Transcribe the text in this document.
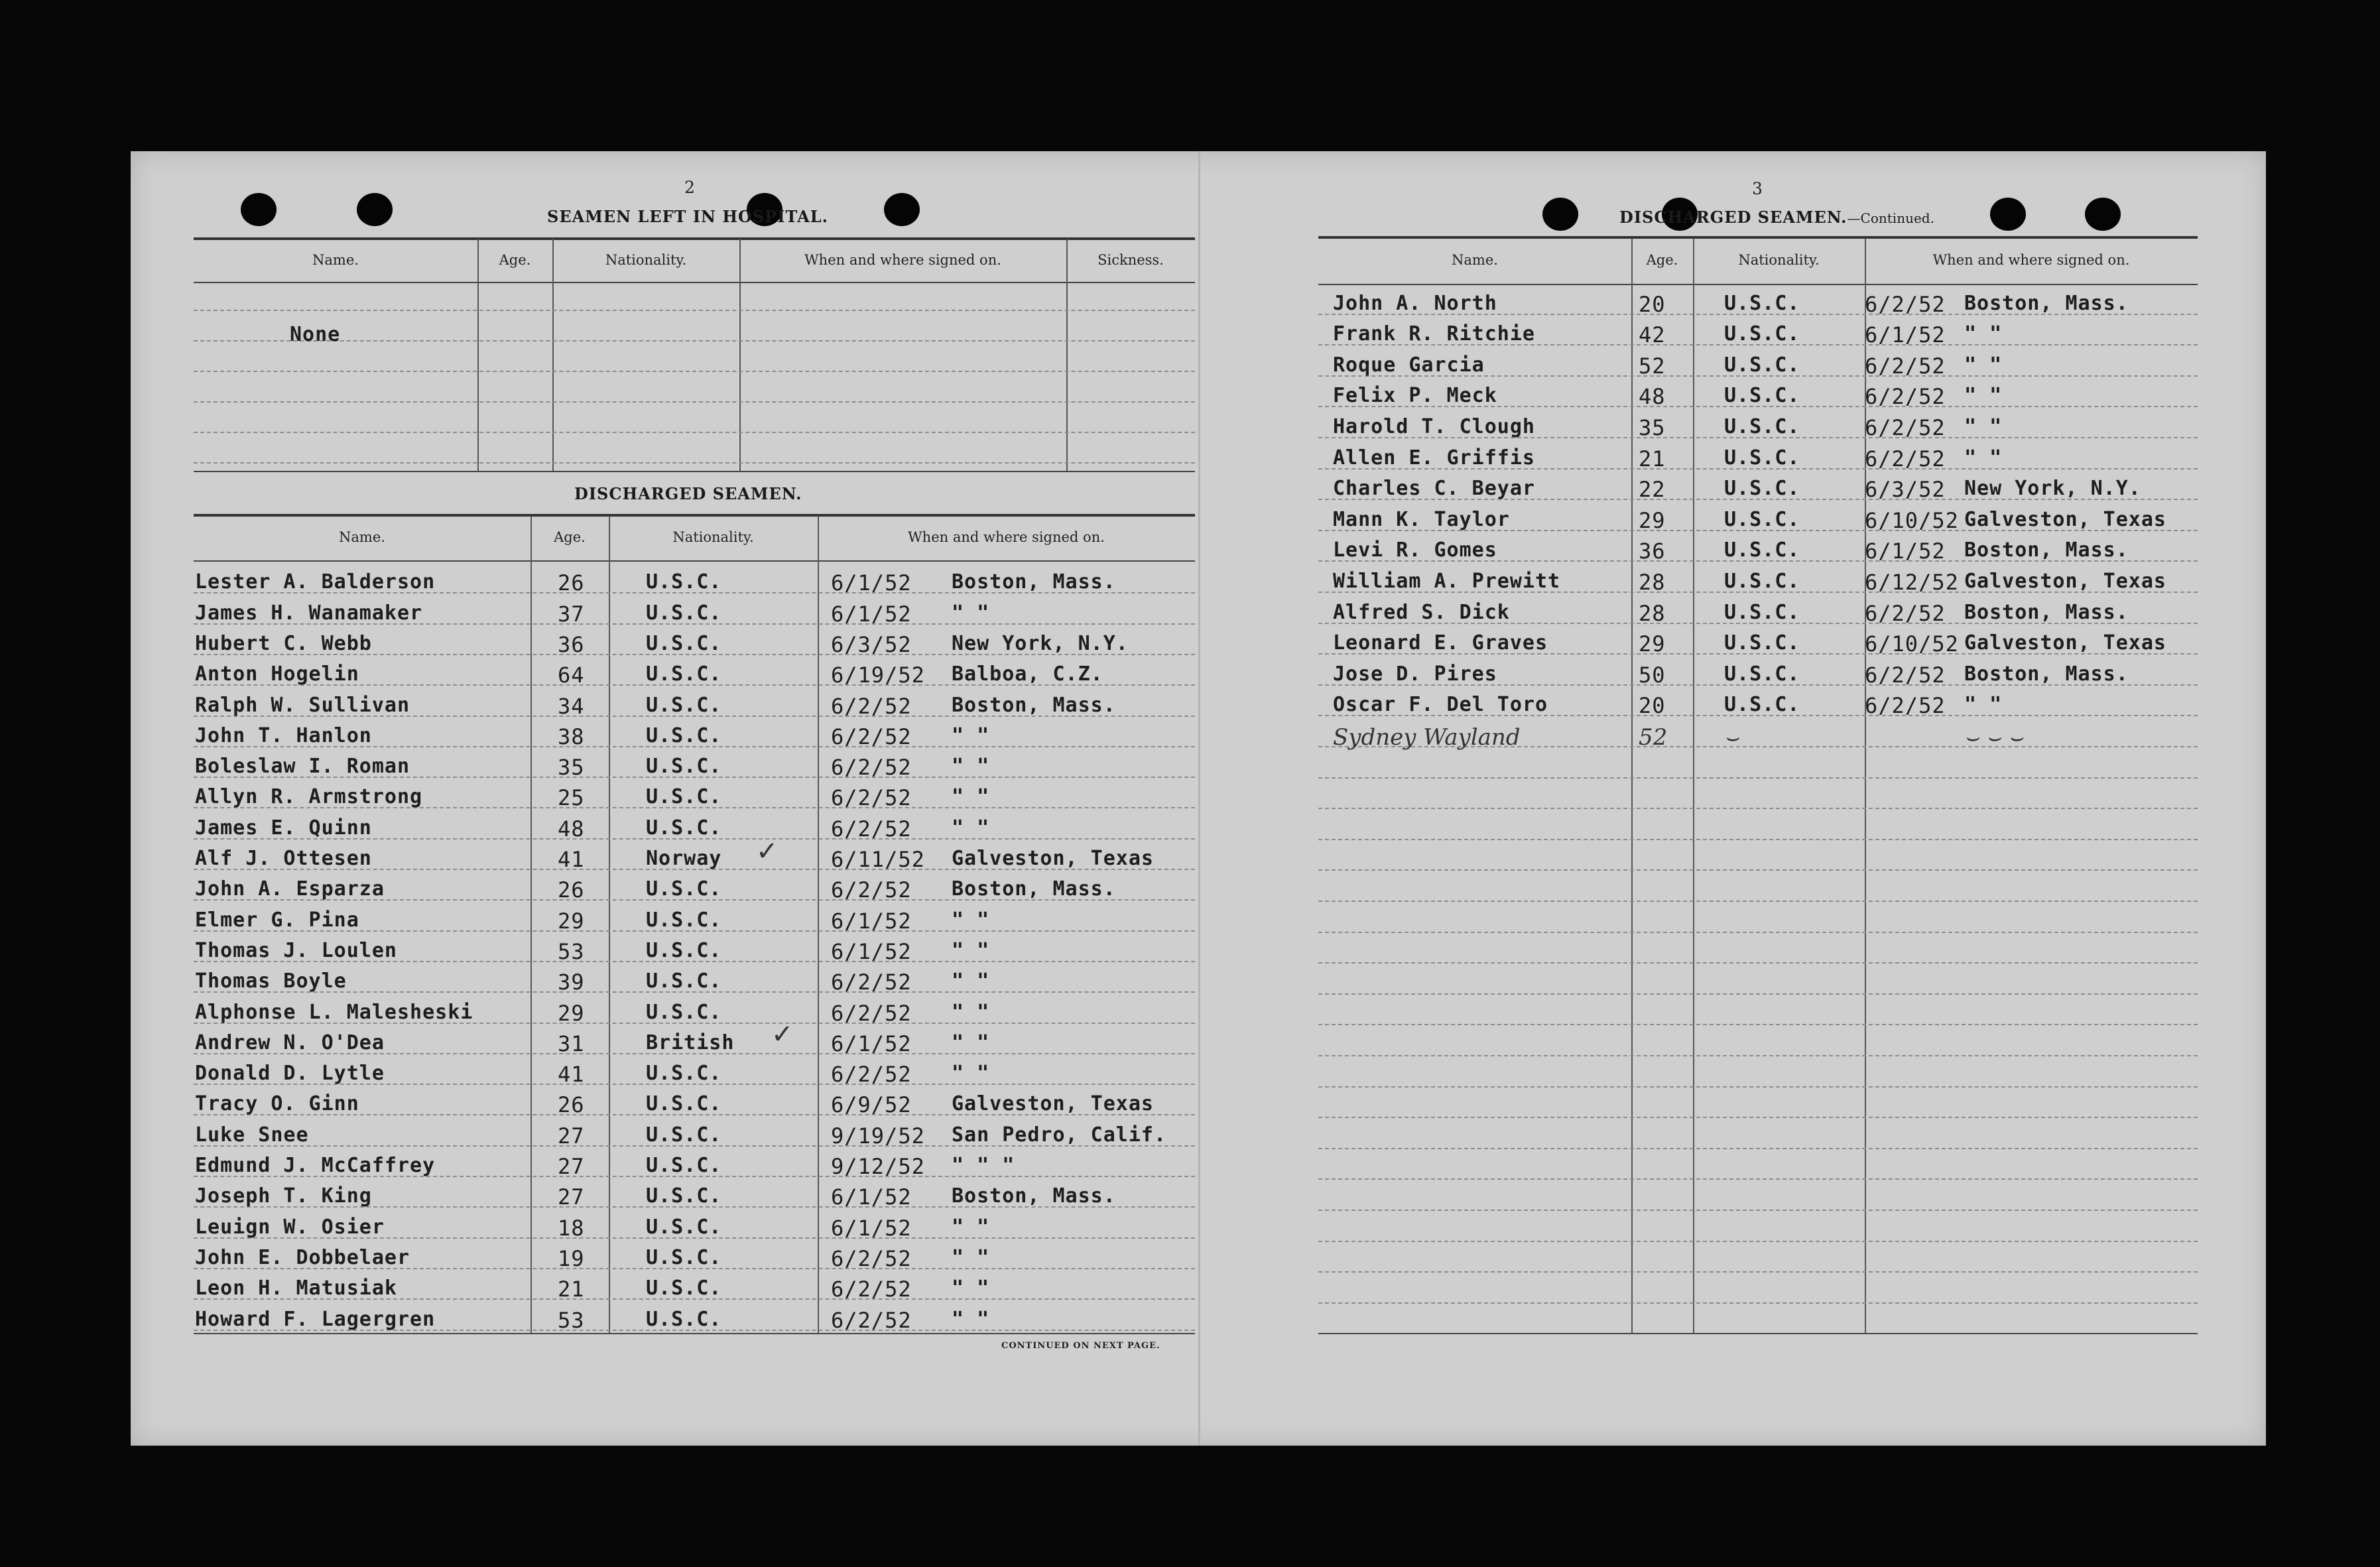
2
SEAMEN LEFT IN HOSPITAL.
Name.	Age.	Nationality.	When and where signed on.	Sickness.
None
DISCHARGED SEAMEN.
Name.	Age.	Nationality.	When and where signed on.
Lester A. Balderson	26	U.S.C.	6/1/52 Boston, Mass.
James H. Wanamaker	37	U.S.C.	6/1/52 " "
Hubert C. Webb	36	U.S.C.	6/3/52 New York, N.Y.
Anton Hogelin	64	U.S.C.	6/19/52 Balboa, C.Z.
Ralph W. Sullivan	34	U.S.C.	6/2/52 Boston, Mass.
John T. Hanlon	38	U.S.C.	6/2/52 " "
Boleslaw I. Roman	35	U.S.C.	6/2/52 " "
Allyn R. Armstrong	25	U.S.C.	6/2/52 " "
James E. Quinn	48	U.S.C.	6/2/52 " "
Alf J. Ottesen	41	Norway	6/11/52 Galveston, Texas
John A. Esparza	26	U.S.C.	6/2/52 Boston, Mass.
Elmer G. Pina	29	U.S.C.	6/1/52 " "
Thomas J. Loulen	53	U.S.C.	6/1/52 " "
Thomas Boyle	39	U.S.C.	6/2/52 " "
Alphonse L. Malesheski	29	U.S.C.	6/2/52 " "
Andrew N. O'Dea	31	British	6/1/52 " "
Donald D. Lytle	41	U.S.C.	6/2/52 " "
Tracy O. Ginn	26	U.S.C.	6/9/52 Galveston, Texas
Luke Snee	27	U.S.C.	9/19/52 San Pedro, Calif.
Edmund J. McCaffrey	27	U.S.C.	9/12/52 " " "
Joseph T. King	27	U.S.C.	6/1/52 Boston, Mass.
Leuign W. Osier	18	U.S.C.	6/1/52 " "
John E. Dobbelaer	19	U.S.C.	6/2/52 " "
Leon H. Matusiak	21	U.S.C.	6/2/52 " "
Howard F. Lagergren	53	U.S.C.	6/2/52 " "
✓
✓
CONTINUED ON NEXT PAGE.
3
DISCHARGED SEAMEN.—Continued.
Name.	Age.	Nationality.	When and where signed on.
John A. North	20	U.S.C.	6/2/52 Boston, Mass.
Frank R. Ritchie	42	U.S.C.	6/1/52 " "
Roque Garcia	52	U.S.C.	6/2/52 " "
Felix P. Meck	48	U.S.C.	6/2/52 " "
Harold T. Clough	35	U.S.C.	6/2/52 " "
Allen E. Griffis	21	U.S.C.	6/2/52 " "
Charles C. Beyar	22	U.S.C.	6/3/52 New York, N.Y.
Mann K. Taylor	29	U.S.C.	6/10/52 Galveston, Texas
Levi R. Gomes	36	U.S.C.	6/1/52 Boston, Mass.
William A. Prewitt	28	U.S.C.	6/12/52 Galveston, Texas
Alfred S. Dick	28	U.S.C.	6/2/52 Boston, Mass.
Leonard E. Graves	29	U.S.C.	6/10/52 Galveston, Texas
Jose D. Pires	50	U.S.C.	6/2/52 Boston, Mass.
Oscar F. Del Toro	20	U.S.C.	6/2/52 " "
Sydney Wayland	52	⌣	⌣ ⌣ ⌣
